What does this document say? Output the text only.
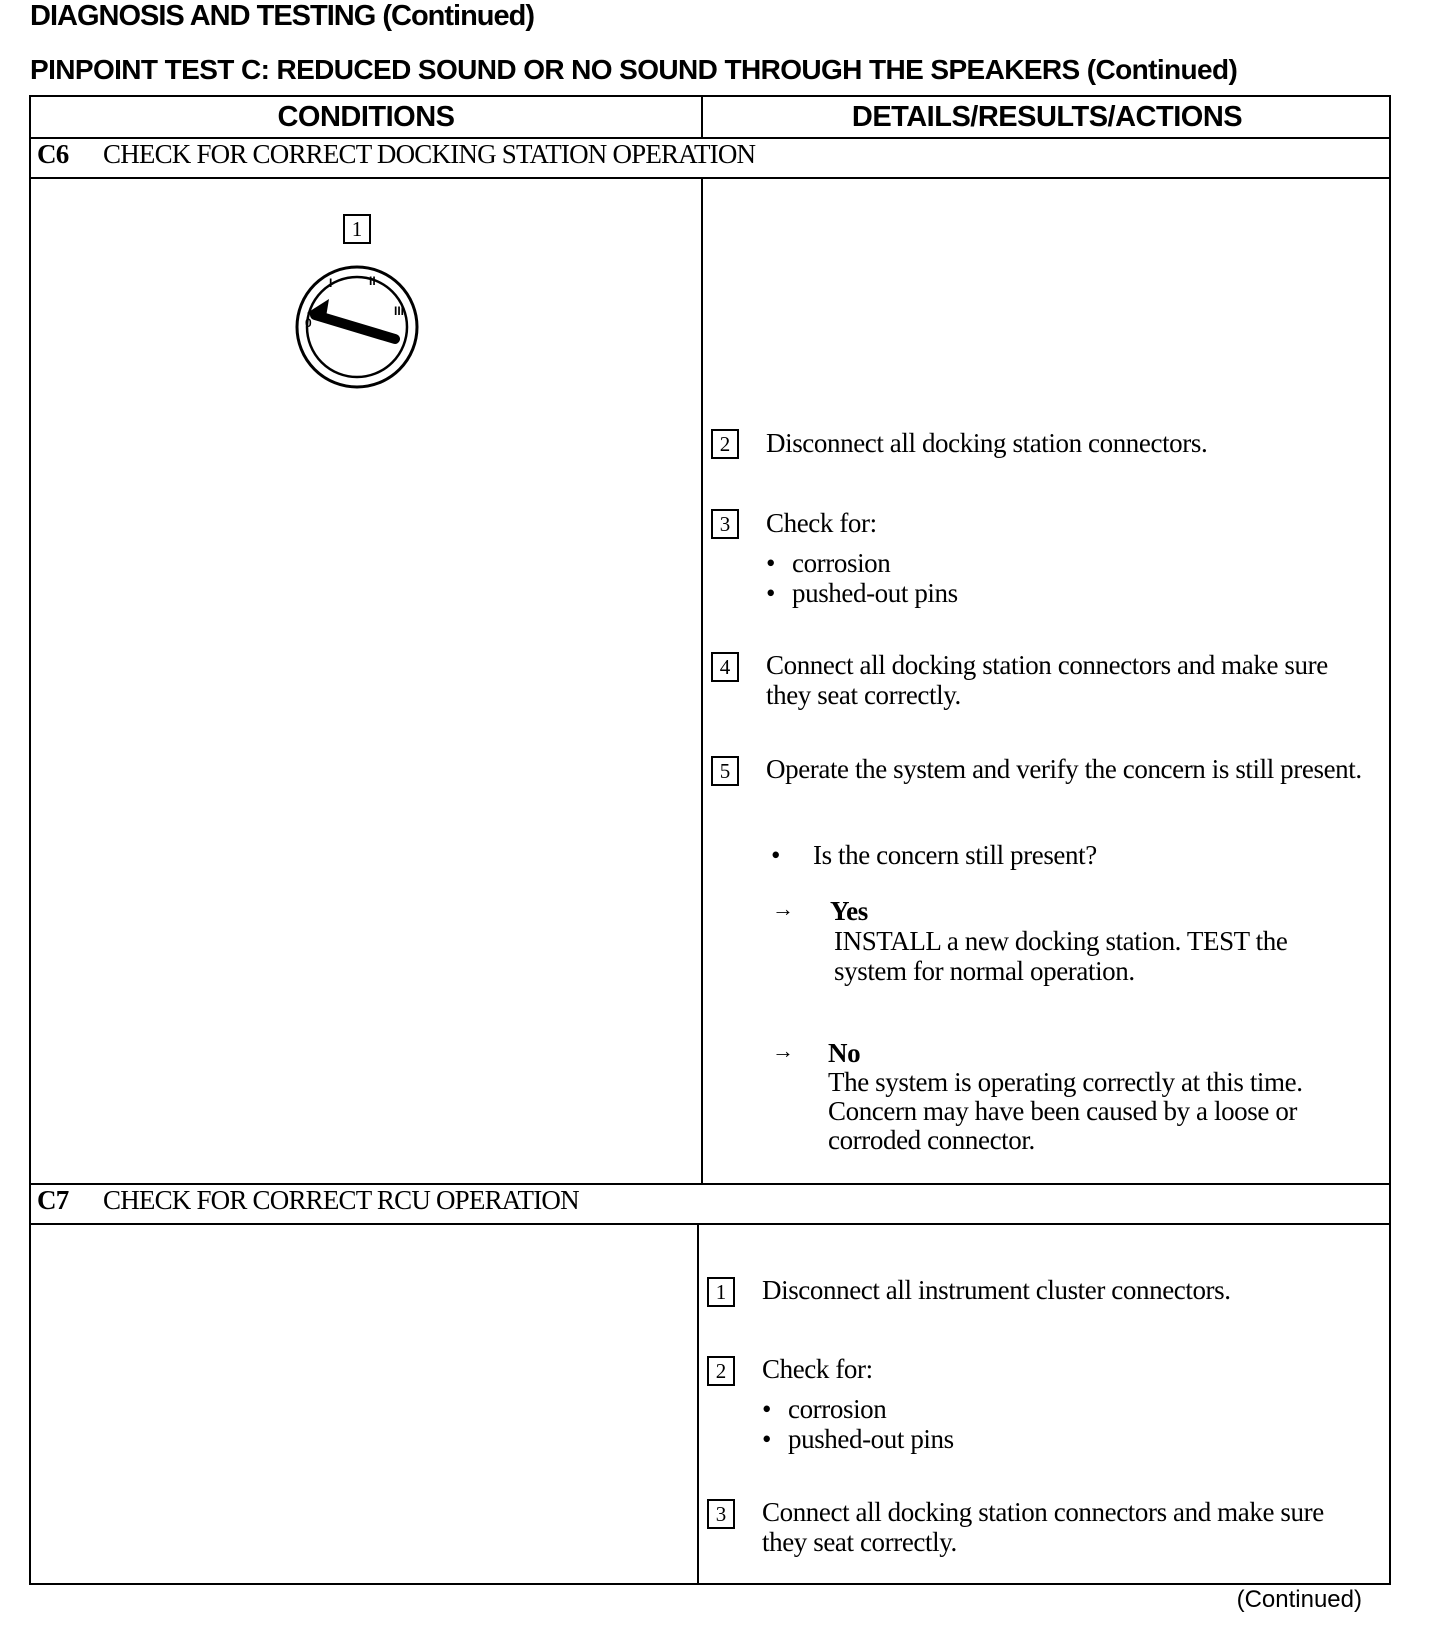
DIAGNOSIS AND TESTING (Continued)
PINPOINT TEST C: REDUCED SOUND OR NO SOUND THROUGH THE SPEAKERS (Continued)
CONDITIONS	DETAILS/RESULTS/ACTIONS
C6 CHECK FOR CORRECT DOCKING STATION OPERATION
1
0
I	II
III
2	Disconnect all docking station connectors.
3	Check for:
• corrosion
• pushed-out pins
4	Connect all docking station connectors and make sure they seat correctly.
5	Operate the system and verify the concern is still present.
• Is the concern still present?
→ Yes
INSTALL a new docking station. TEST the system for normal operation.
→ No
The system is operating correctly at this time. Concern may have been caused by a loose or corroded connector.
C7 CHECK FOR CORRECT RCU OPERATION
1	Disconnect all instrument cluster connectors.
2	Check for:
• corrosion
• pushed-out pins
3	Connect all docking station connectors and make sure they seat correctly.
(Continued)
